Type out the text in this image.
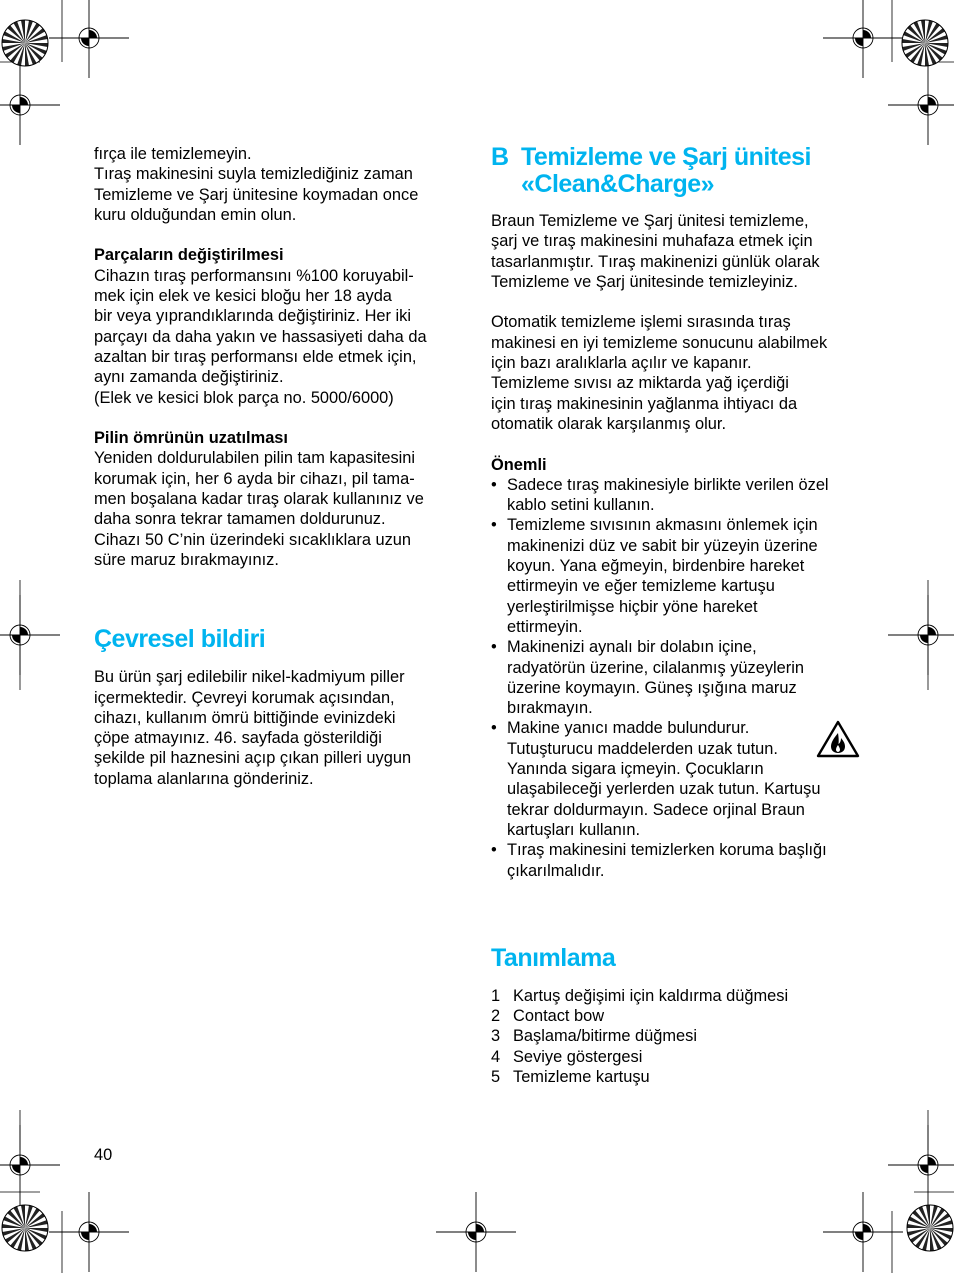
fırça ile temizlemeyin.
Tıraş makinesini suyla temizlediğiniz zaman
Temizleme ve Şarj ünitesine koymadan once
kuru olduğundan emin olun.

Parçaların değiştirilmesi

Cihazın tıraş performansını %100 koruyabil-
mek için elek ve kesici bloğu her 18 ayda
bir veya yıprandıklarında değiştiriniz. Her iki
parçayı da daha yakın ve hassasiyeti daha da
azaltan bir tıraş performansı elde etmek için,
aynı zamanda değiştiriniz.
(Elek ve kesici blok parça no. 5000/6000)

Pilin ömrünün uzatılması

Yeniden doldurulabilen pilin tam kapasitesini
korumak için, her 6 ayda bir cihazı, pil tama-
men boşalana kadar tıraş olarak kullanınız ve
daha sonra tekrar tamamen doldurunuz.
Cihazı 50 C’nin üzerindeki sıcaklıklara uzun
süre maruz bırakmayınız.
Çevresel bildiri
Bu ürün şarj edilebilir nikel-kadmiyum piller
içermektedir. Çevreyi korumak açısından,
cihazı, kullanım ömrü bittiğinde evinizdeki
çöpe atmayınız. 46. sayfada gösterildiği
şekilde pil haznesini açıp çıkan pilleri uygun
toplama alanlarına gönderiniz.
B Temizleme ve Şarj ünitesi
«Clean&Charge»
Braun Temizleme ve Şarj ünitesi temizleme,
şarj ve tıraş makinesini muhafaza etmek için
tasarlanmıştır. Tıraş makinenizi günlük olarak
Temizleme ve Şarj ünitesinde temizleyiniz.
Otomatik temizleme işlemi sırasında tıraş
makinesi en iyi temizleme sonucunu alabilmek
için bazı aralıklarla açılır ve kapanır.
Temizleme sıvısı az miktarda yağ içerdiği
için tıraş makinesinin yağlanma ihtiyacı da
otomatik olarak karşılanmış olur.

Önemli

• Sadece tıraş makinesiyle birlikte verilen özel
kablo setini kullanın.
• Temizleme sıvısının akmasını önlemek için
makinenizi düz ve sabit bir yüzeyin üzerine
koyun. Yana eğmeyin, birdenbire hareket
ettirmeyin ve eğer temizleme kartuşu
yerleştirilmişse hiçbir yöne hareket
ettirmeyin.
• Makinenizi aynalı bir dolabın içine,
radyatörün üzerine, cilalanmış yüzeylerin
üzerine koymayın. Güneş ışığına maruz
bırakmayın.
• Makine yanıcı madde bulundurur.
Tutuşturucu maddelerden uzak tutun.
Yanında sigara içmeyin. Çocukların
ulaşabileceği yerlerden uzak tutun. Kartuşu
tekrar doldurmayın. Sadece orjinal Braun
kartuşları kullanın.
• Tıraş makinesini temizlerken koruma başlığı
çıkarılmalıdır.
Tanımlama
1 Kartuş değişimi için kaldırma düğmesi
2 Contact bow
3 Başlama/bitirme düğmesi
4 Seviye göstergesi
5 Temizleme kartuşu
40
